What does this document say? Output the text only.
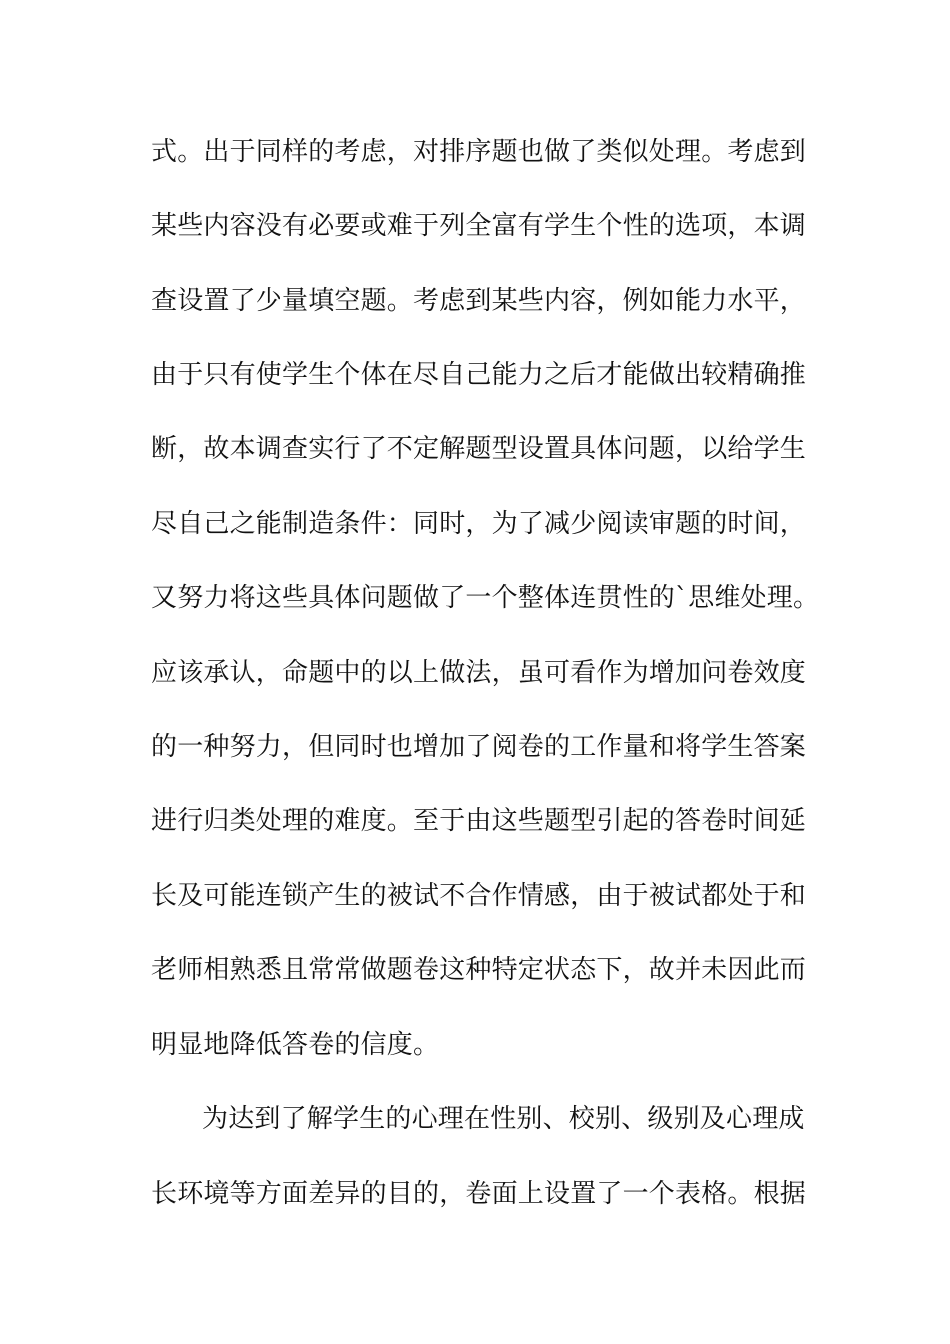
式。出于同样的考虑，对排序题也做了类似处理。考虑到
某些内容没有必要或难于列全富有学生个性的选项，本调
查设置了少量填空题。考虑到某些内容，例如能力水平，
由于只有使学生个体在尽自己能力之后才能做出较精确推
断，故本调查实行了不定解题型设置具体问题，以给学生
尽自己之能制造条件：同时，为了减少阅读审题的时间，
又努力将这些具体问题做了一个整体连贯性的`思维处理。
应该承认，命题中的以上做法，虽可看作为增加问卷效度
的一种努力，但同时也增加了阅卷的工作量和将学生答案
进行归类处理的难度。至于由这些题型引起的答卷时间延
长及可能连锁产生的被试不合作情感，由于被试都处于和
老师相熟悉且常常做题卷这种特定状态下，故并未因此而
明显地降低答卷的信度。
为达到了解学生的心理在性别、校别、级别及心理成
长环境等方面差异的目的，卷面上设置了一个表格。根据
